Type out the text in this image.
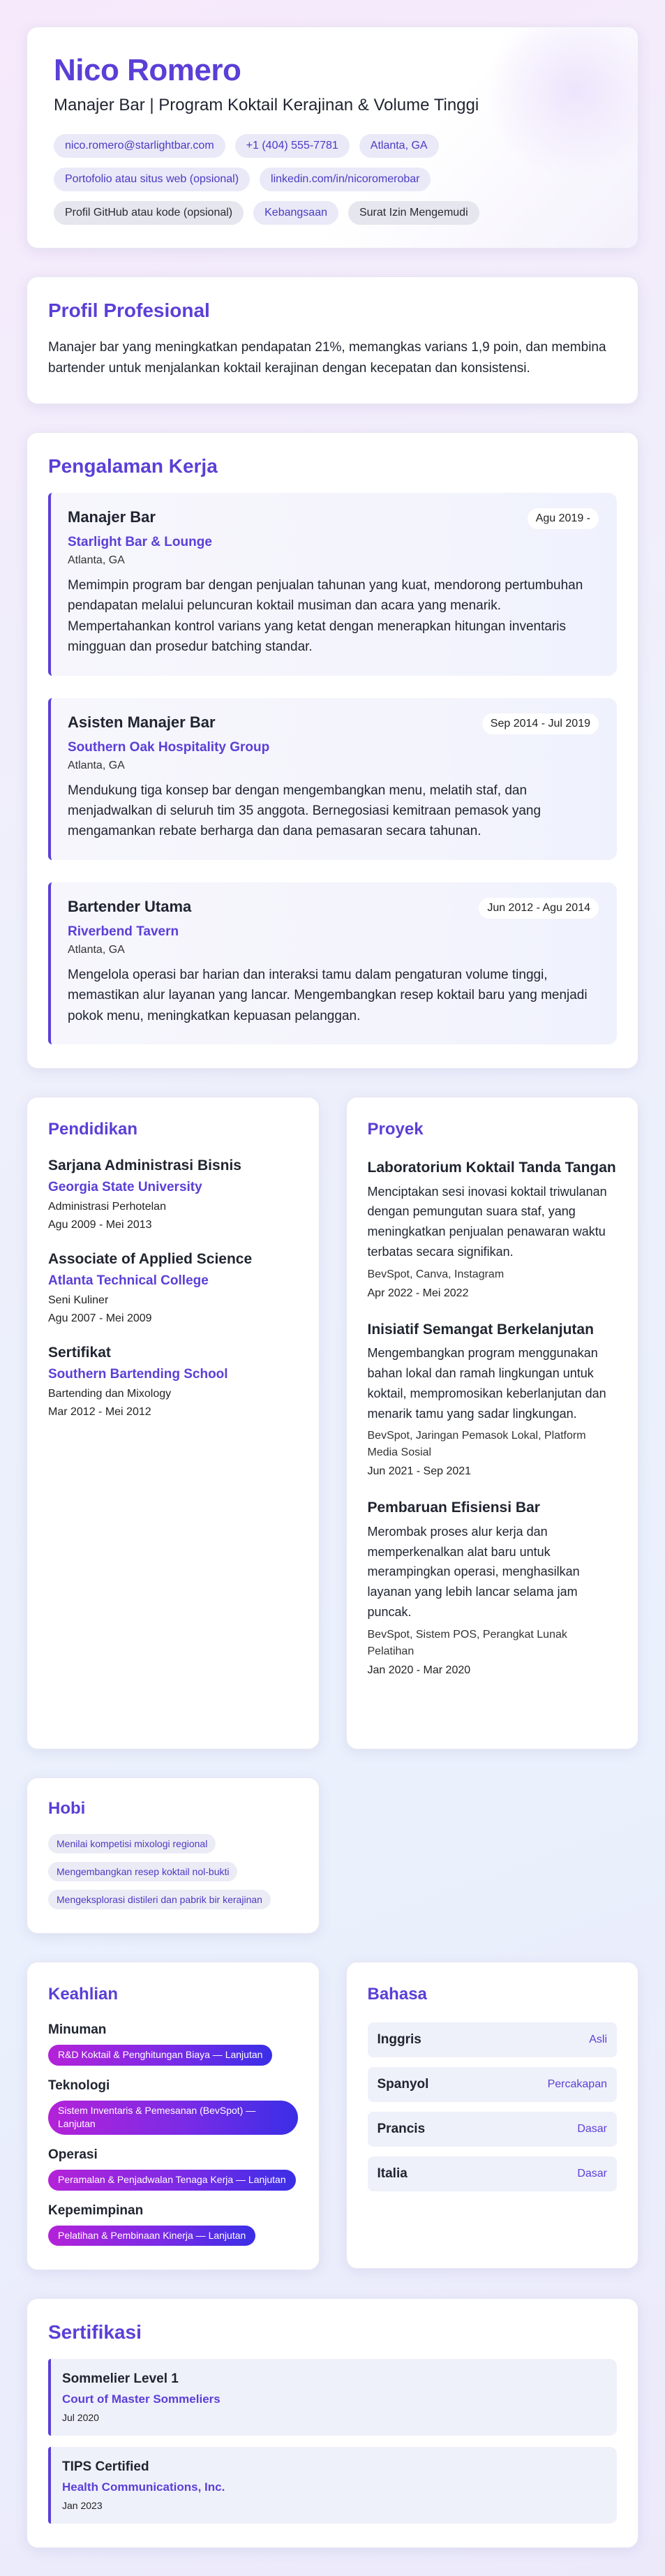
Nico Romero
Manajer Bar | Program Koktail Kerajinan & Volume Tinggi
nico.romero@starlightbar.com	+1 (404) 555-7781	Atlanta, GA
Portofolio atau situs web (opsional)	linkedin.com/in/nicoromerobar
Profil GitHub atau kode (opsional)	Kebangsaan	Surat Izin Mengemudi
Profil Profesional
Manajer bar yang meningkatkan pendapatan 21%, memangkas varians 1,9 poin, dan membina bartender untuk menjalankan koktail kerajinan dengan kecepatan dan konsistensi.
Pengalaman Kerja
Manajer Bar	Agu 2019 -
Starlight Bar & Lounge
Atlanta, GA
Memimpin program bar dengan penjualan tahunan yang kuat, mendorong pertumbuhan pendapatan melalui peluncuran koktail musiman dan acara yang menarik. Mempertahankan kontrol varians yang ketat dengan menerapkan hitungan inventaris mingguan dan prosedur batching standar.
Asisten Manajer Bar	Sep 2014 - Jul 2019
Southern Oak Hospitality Group
Atlanta, GA
Mendukung tiga konsep bar dengan mengembangkan menu, melatih staf, dan menjadwalkan di seluruh tim 35 anggota. Bernegosiasi kemitraan pemasok yang mengamankan rebate berharga dan dana pemasaran secara tahunan.
Bartender Utama	Jun 2012 - Agu 2014
Riverbend Tavern
Atlanta, GA
Mengelola operasi bar harian dan interaksi tamu dalam pengaturan volume tinggi, memastikan alur layanan yang lancar. Mengembangkan resep koktail baru yang menjadi pokok menu, meningkatkan kepuasan pelanggan.
Pendidikan
Sarjana Administrasi Bisnis
Georgia State University
Administrasi Perhotelan
Agu 2009 - Mei 2013
Associate of Applied Science
Atlanta Technical College
Seni Kuliner
Agu 2007 - Mei 2009
Sertifikat
Southern Bartending School
Bartending dan Mixology
Mar 2012 - Mei 2012
Proyek
Laboratorium Koktail Tanda Tangan
Menciptakan sesi inovasi koktail triwulanan dengan pemungutan suara staf, yang meningkatkan penjualan penawaran waktu terbatas secara signifikan.
BevSpot, Canva, Instagram
Apr 2022 - Mei 2022
Inisiatif Semangat Berkelanjutan
Mengembangkan program menggunakan bahan lokal dan ramah lingkungan untuk koktail, mempromosikan keberlanjutan dan menarik tamu yang sadar lingkungan.
BevSpot, Jaringan Pemasok Lokal, Platform Media Sosial
Jun 2021 - Sep 2021
Pembaruan Efisiensi Bar
Merombak proses alur kerja dan memperkenalkan alat baru untuk merampingkan operasi, menghasilkan layanan yang lebih lancar selama jam puncak.
BevSpot, Sistem POS, Perangkat Lunak Pelatihan
Jan 2020 - Mar 2020
Hobi
Menilai kompetisi mixologi regional
Mengembangkan resep koktail nol-bukti
Mengeksplorasi distileri dan pabrik bir kerajinan
Keahlian
Minuman
R&D Koktail & Penghitungan Biaya — Lanjutan
Teknologi
Sistem Inventaris & Pemesanan (BevSpot) — Lanjutan
Operasi
Peramalan & Penjadwalan Tenaga Kerja — Lanjutan
Kepemimpinan
Pelatihan & Pembinaan Kinerja — Lanjutan
Bahasa
Inggris	Asli
Spanyol	Percakapan
Prancis	Dasar
Italia	Dasar
Sertifikasi
Sommelier Level 1
Court of Master Sommeliers
Jul 2020
TIPS Certified
Health Communications, Inc.
Jan 2023
